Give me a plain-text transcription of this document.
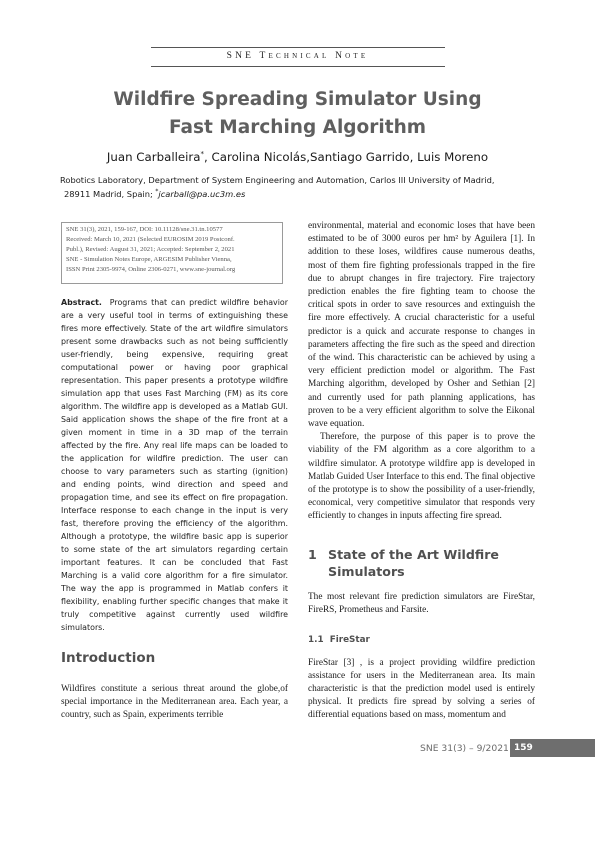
SNE Technical Note
Wildfire Spreading Simulator Using
Fast Marching Algorithm
Juan Carballeira*, Carolina Nicolás,Santiago Garrido, Luis Moreno
Robotics Laboratory, Department of System Engineering and Automation, Carlos III University of Madrid,
28911 Madrid, Spain; *jcarball@pa.uc3m.es
SNE 31(3), 2021, 159-167, DOI: 10.11128/sne.31.tn.10577
Received: March 10, 2021 (Selected EUROSIM 2019 Postconf.
Publ.), Revised: August 31, 2021; Accepted: September 2, 2021
SNE - Simulation Notes Europe, ARGESIM Publisher Vienna,
ISSN Print 2305-9974, Online 2306-0271, www.sne-journal.org
Abstract. Programs that can predict wildfire behavior are a very useful tool in terms of extinguishing these fires more effectively. State of the art wildfire simulators present some drawbacks such as not being sufficiently user-friendly, being expensive, requiring great computational power or having poor graphical representation. This paper presents a prototype wildfire simulation app that uses Fast Marching (FM) as its core algorithm. The wildfire app is developed as a Matlab GUI. Said application shows the shape of the fire front at a given moment in time in a 3D map of the terrain affected by the fire. Any real life maps can be loaded to the application for wildfire prediction. The user can choose to vary parameters such as starting (ignition) and ending points, wind direction and speed and propagation time, and see its effect on fire propagation. Interface response to each change in the input is very fast, therefore proving the efficiency of the algorithm. Although a prototype, the wildfire basic app is superior to some state of the art simulators regarding certain important features. It can be concluded that Fast Marching is a valid core algorithm for a fire simulator. The way the app is programmed in Matlab confers it flexibility, enabling further specific changes that make it truly competitive against currently used wildfire simulators.
Introduction
Wildfires constitute a serious threat around the globe,of special importance in the Mediterranean area. Each year, a country, such as Spain, experiments terrible

environmental, material and economic loses that have been estimated to be of 3000 euros per hm² by Aguilera [1]. In addition to these loses, wildfires cause numerous deaths, most of them fire fighting professionals trapped in the fire due to abrupt changes in fire trajectory. Fire trajectory prediction enables the fire fighting team to choose the critical spots in order to save resources and extinguish the fire more effectively. A crucial characteristic for a useful predictor is a quick and accurate response to changes in parameters affecting the fire such as the speed and direction of the wind. This characteristic can be achieved by using a very efficient prediction model or algorithm. The Fast Marching algorithm, developed by Osher and Sethian [2] and currently used for path planning applications, has proven to be a very efficient algorithm to solve the Eikonal wave equation.

Therefore, the purpose of this paper is to prove the viability of the FM algorithm as a core algorithm to a wildfire simulator. A prototype wildfire app is developed in Matlab Guided User Interface to this end. The final objective of the prototype is to show the possibility of a user-friendly, economical, very competitive simulator that responds very efficiently to changes in inputs affecting fire spread.

1 State of the Art Wildfire
Simulators
The most relevant fire prediction simulators are FireStar, FireRS, Prometheus and Farsite.
1.1  FireStar
FireStar [3] , is a project providing wildfire prediction assistance for users in the Mediterranean area. Its main characteristic is that the prediction model used is entirely physical. It predicts fire spread by solving a series of differential equations based on mass, momentum and
SNE 31(3) – 9/2021 159
